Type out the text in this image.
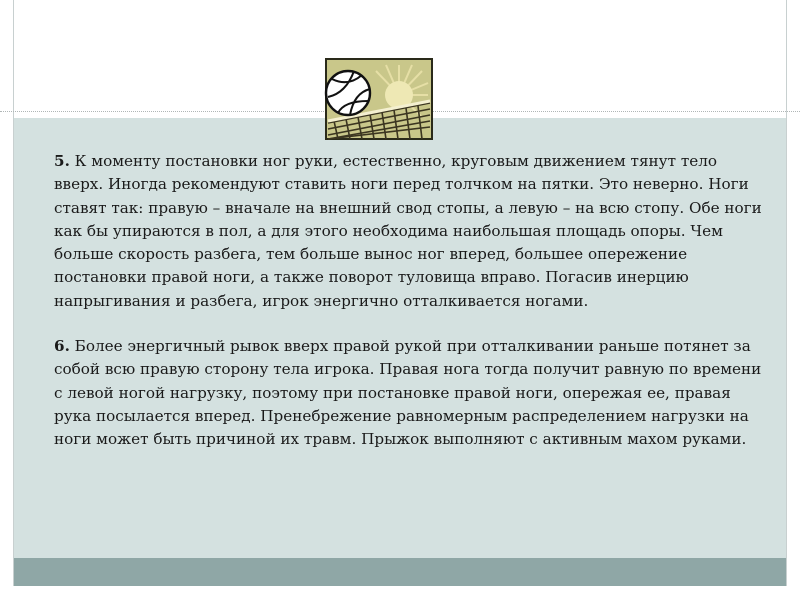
5. К моменту постановки ног руки, естественно, круговым движением тянут тело вверх. Иногда рекомендуют ставить ноги перед толчком на пятки. Это неверно. Ноги ставят так: правую – вначале на внешний свод стопы, а левую – на всю стопу. Обе ноги как бы упираются в пол, а для этого необходима наибольшая площадь опоры. Чем больше скорость разбега, тем больше вынос ног вперед, большее опережение постановки правой ноги, а также поворот туловища вправо. Погасив инерцию напрыгивания и разбега, игрок энергично отталкивается ногами.

6. Более энергичный рывок вверх правой рукой при отталкивании раньше потянет за собой всю правую сторону тела игрока. Правая нога тогда получит равную по времени с левой ногой нагрузку, поэтому при постановке правой ноги, опережая ее, правая рука посылается вперед. Пренебрежение равномерным распределением нагрузки на ноги может быть причиной их травм. Прыжок выполняют с активным махом руками.
